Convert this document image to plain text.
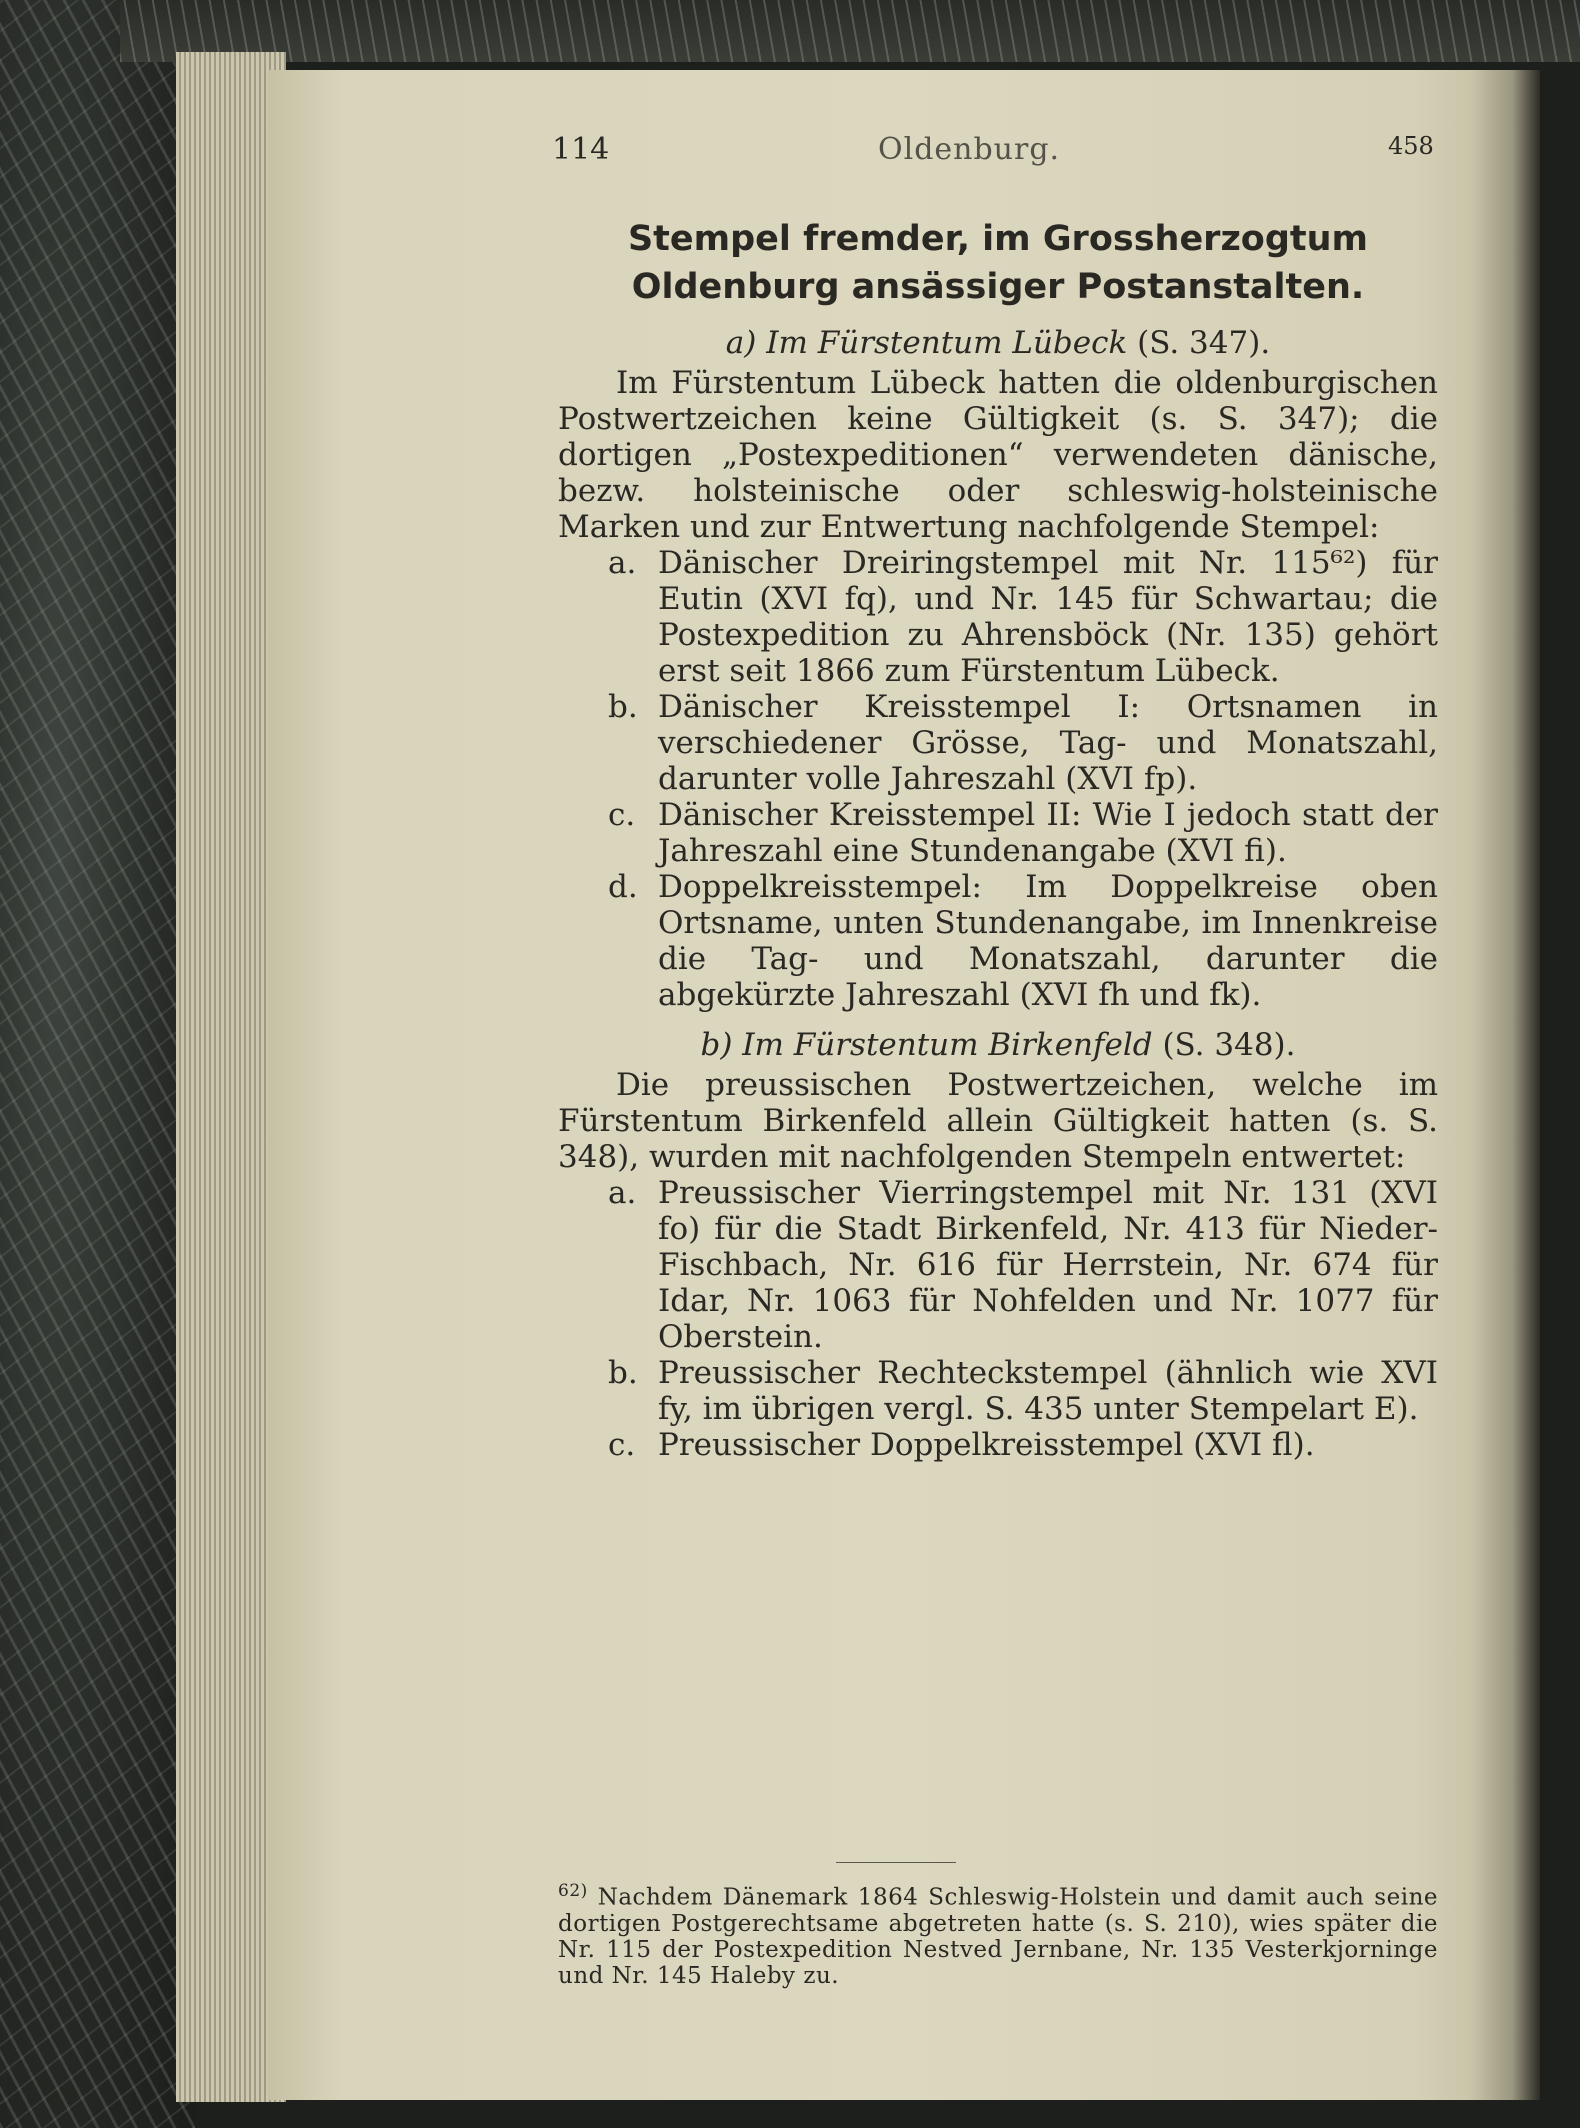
114	Oldenburg.	458
Stempel fremder, im Grossherzogtum Oldenburg ansässiger Postanstalten.
a) Im Fürstentum Lübeck (S. 347).

Im Fürstentum Lübeck hatten die oldenburgischen Postwertzeichen keine Gültigkeit (s. S. 347); die dortigen „Postexpeditionen“ verwendeten dänische, bezw. holsteinische oder schleswig-holsteinische Marken und zur Entwertung nachfolgende Stempel:

a. Dänischer Dreiringstempel mit Nr. 115⁶²) für Eutin (XVI fq), und Nr. 145 für Schwartau; die Postexpedition zu Ahrensböck (Nr. 135) gehört erst seit 1866 zum Fürstentum Lübeck.

b. Dänischer Kreisstempel I: Ortsnamen in verschiedener Grösse, Tag- und Monatszahl, darunter volle Jahreszahl (XVI fp).

c. Dänischer Kreisstempel II: Wie I jedoch statt der Jahreszahl eine Stundenangabe (XVI fi).

d. Doppelkreisstempel: Im Doppelkreise oben Ortsname, unten Stundenangabe, im Innenkreise die Tag- und Monatszahl, darunter die abgekürzte Jahreszahl (XVI fh und fk).

b) Im Fürstentum Birkenfeld (S. 348).

Die preussischen Postwertzeichen, welche im Fürstentum Birkenfeld allein Gültigkeit hatten (s. S. 348), wurden mit nachfolgenden Stempeln entwertet:

a. Preussischer Vierringstempel mit Nr. 131 (XVI fo) für die Stadt Birkenfeld, Nr. 413 für Nieder-Fischbach, Nr. 616 für Herrstein, Nr. 674 für Idar, Nr. 1063 für Nohfelden und Nr. 1077 für Oberstein.

b. Preussischer Rechteckstempel (ähnlich wie XVI fy, im übrigen vergl. S. 435 unter Stempelart E).

c. Preussischer Doppelkreisstempel (XVI fl).

$^{62)}$ Nachdem Dänemark 1864 Schleswig-Holstein und damit auch seine dortigen Postgerechtsame abgetreten hatte (s. S. 210), wies später die Nr. 115 der Postexpedition Nestved Jernbane, Nr. 135 Vesterkjorninge und Nr. 145 Haleby zu.
